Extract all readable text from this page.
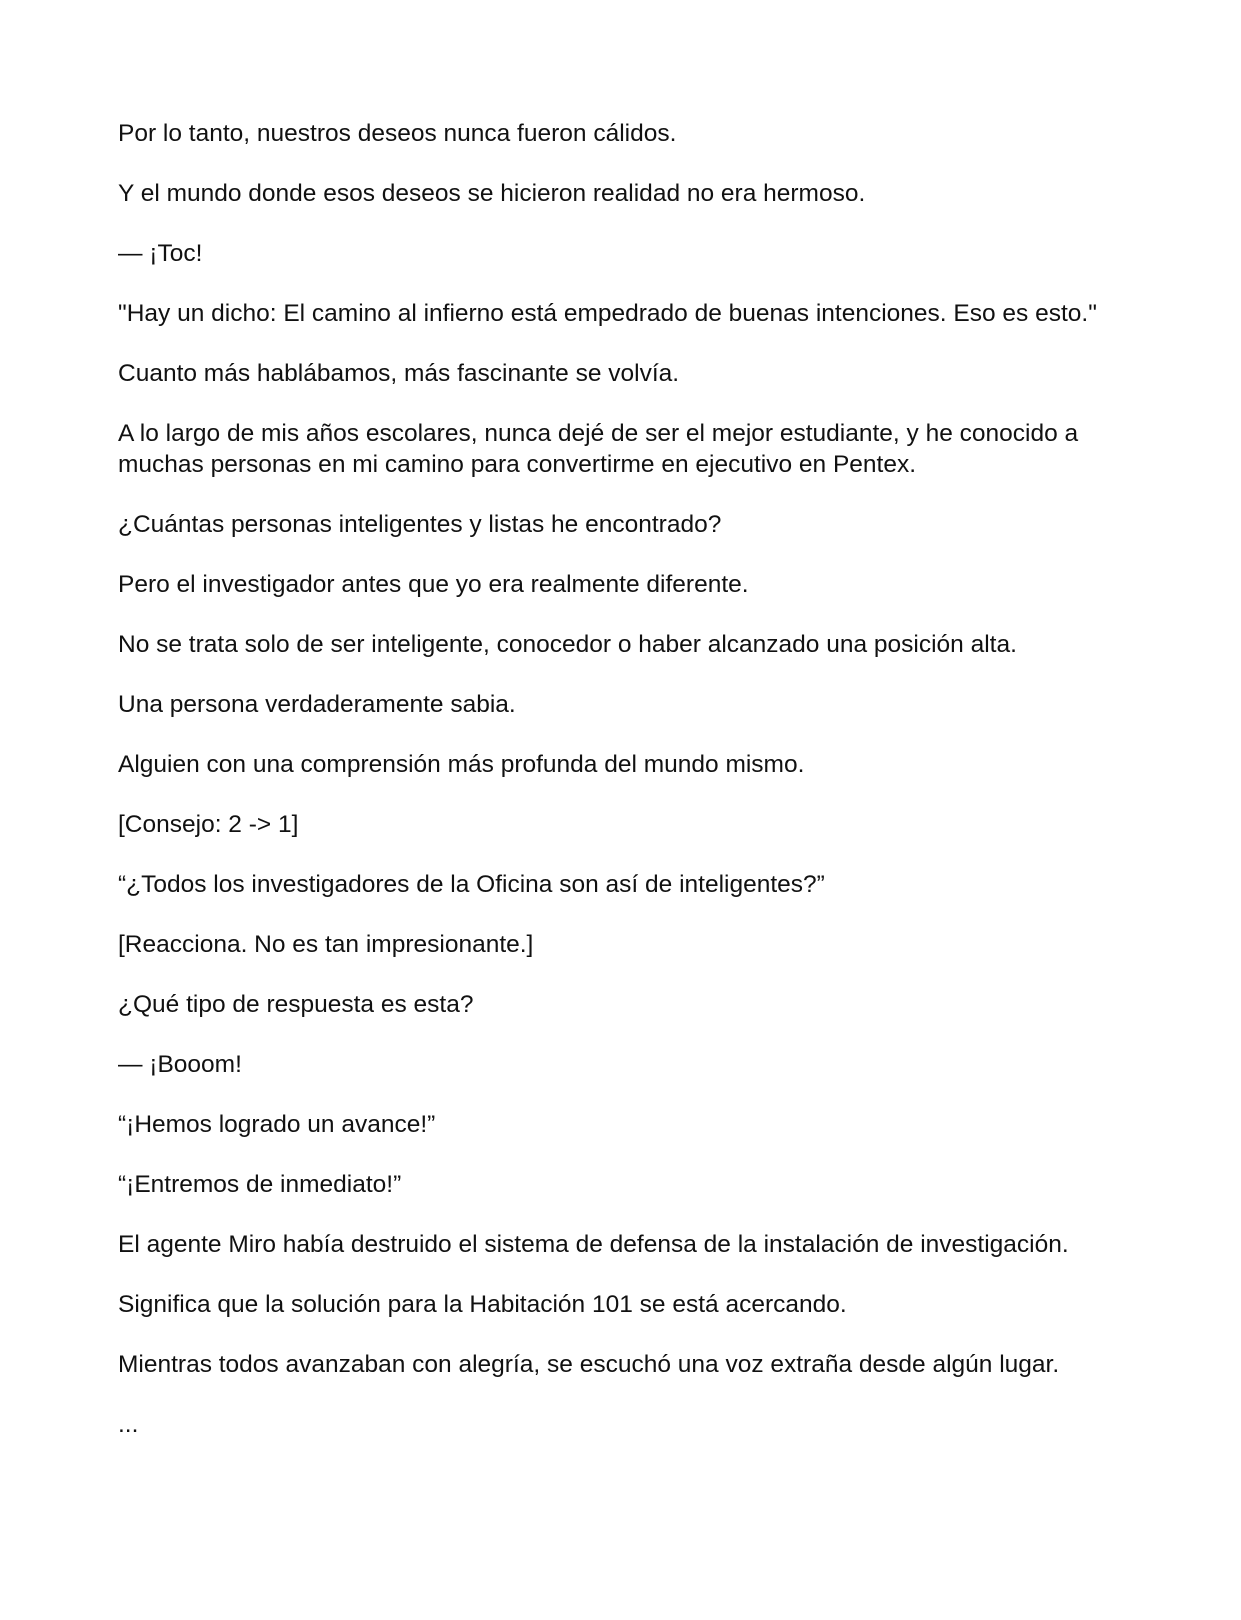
Por lo tanto, nuestros deseos nunca fueron cálidos.

Y el mundo donde esos deseos se hicieron realidad no era hermoso.

— ¡Toc!

"Hay un dicho: El camino al infierno está empedrado de buenas intenciones. Eso es esto."

Cuanto más hablábamos, más fascinante se volvía.

A lo largo de mis años escolares, nunca dejé de ser el mejor estudiante, y he conocido a muchas personas en mi camino para convertirme en ejecutivo en Pentex.

¿Cuántas personas inteligentes y listas he encontrado?

Pero el investigador antes que yo era realmente diferente.

No se trata solo de ser inteligente, conocedor o haber alcanzado una posición alta.

Una persona verdaderamente sabia.

Alguien con una comprensión más profunda del mundo mismo.

[Consejo: 2 -> 1]

“¿Todos los investigadores de la Oficina son así de inteligentes?”

[Reacciona. No es tan impresionante.]

¿Qué tipo de respuesta es esta?

— ¡Booom!

“¡Hemos logrado un avance!”

“¡Entremos de inmediato!”

El agente Miro había destruido el sistema de defensa de la instalación de investigación.

Significa que la solución para la Habitación 101 se está acercando.

Mientras todos avanzaban con alegría, se escuchó una voz extraña desde algún lugar.

...
